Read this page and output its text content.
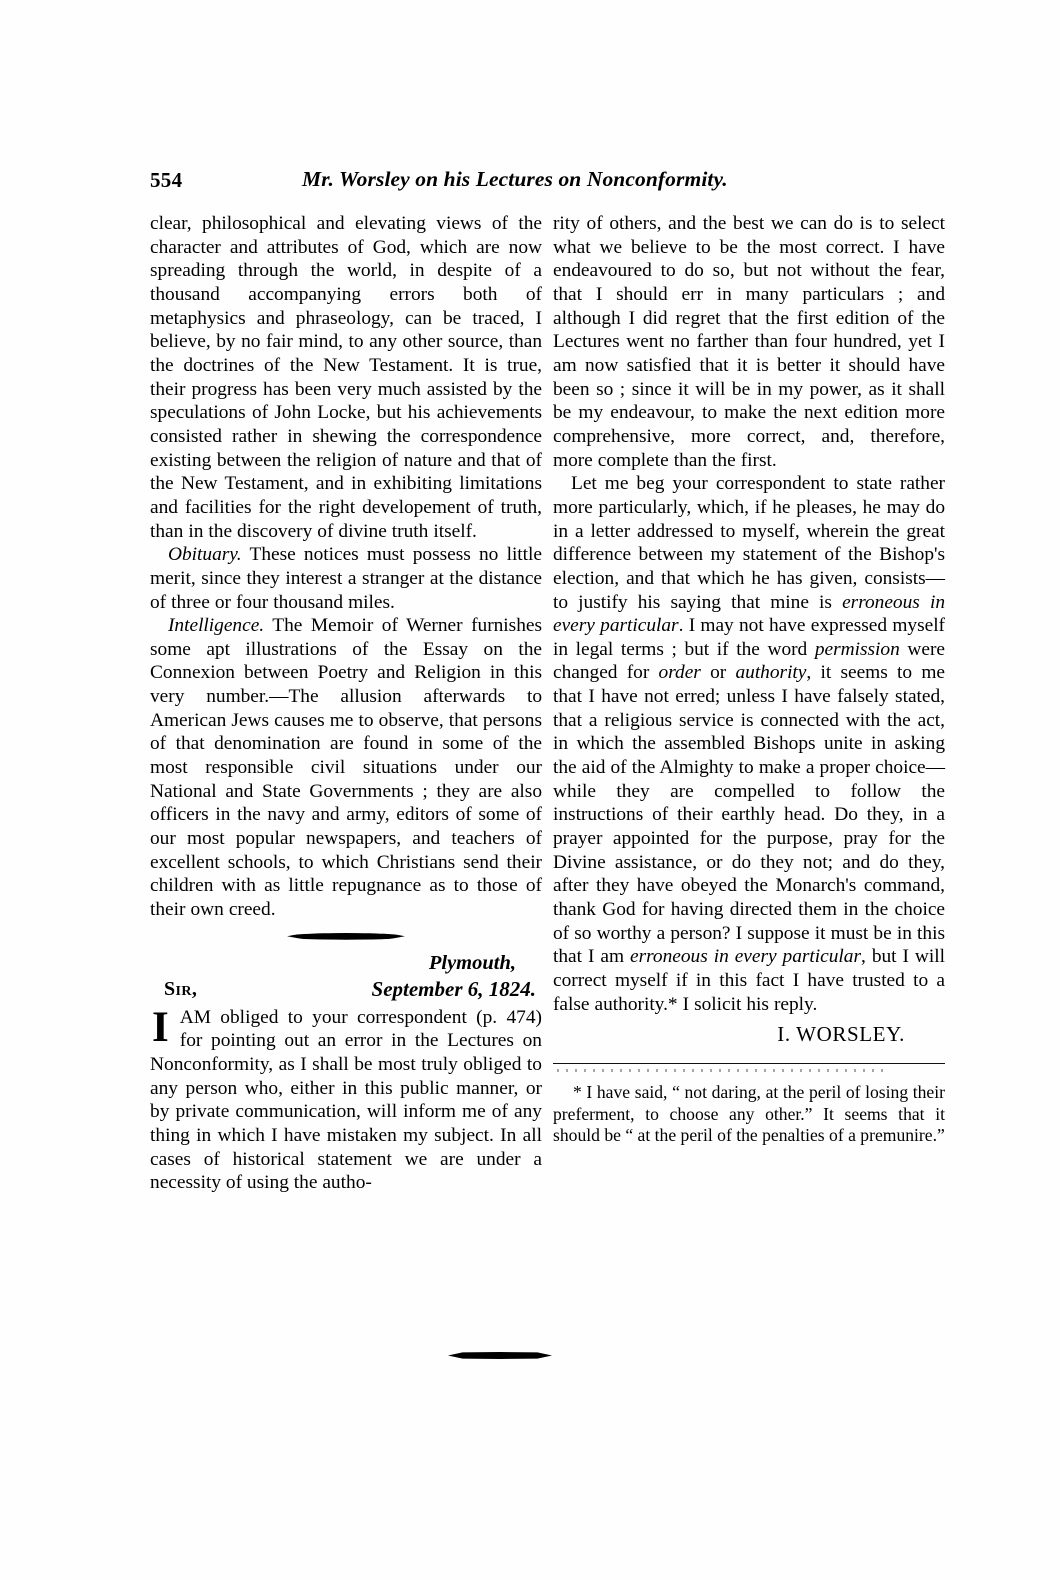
554	Mr. Worsley on his Lectures on Nonconformity.

clear, philosophical and elevating views of the character and attributes of God, which are now spreading through the world, in despite of a thousand accompanying errors both of metaphysics and phraseology, can be traced, I believe, by no fair mind, to any other source, than the doctrines of the New Testament. It is true, their progress has been very much assisted by the speculations of John Locke, but his achievements consisted rather in shewing the correspondence existing between the religion of nature and that of the New Testament, and in exhibiting limitations and facilities for the right developement of truth, than in the discovery of divine truth itself.

Obituary. These notices must possess no little merit, since they interest a stranger at the distance of three or four thousand miles.

Intelligence. The Memoir of Werner furnishes some apt illustrations of the Essay on the Connexion between Poetry and Religion in this very number.—The allusion afterwards to American Jews causes me to observe, that persons of that denomination are found in some of the most responsible civil situations under our National and State Governments ; they are also officers in the navy and army, editors of some of our most popular newspapers, and teachers of excellent schools, to which Christians send their children with as little repugnance as to those of their own creed.

Plymouth,
Sir,	September 6, 1824.

IAM obliged to your correspondent (p. 474) for pointing out an error in the Lectures on Nonconformity, as I shall be most truly obliged to any person who, either in this public manner, or by private communication, will inform me of any thing in which I have mistaken my subject. In all cases of historical statement we are under a necessity of using the autho-

rity of others, and the best we can do is to select what we believe to be the most correct. I have endeavoured to do so, but not without the fear, that I should err in many particulars ; and although I did regret that the first edition of the Lectures went no farther than four hundred, yet I am now satisfied that it is better it should have been so ; since it will be in my power, as it shall be my endeavour, to make the next edition more comprehensive, more correct, and, therefore, more complete than the first.

Let me beg your correspondent to state rather more particularly, which, if he pleases, he may do in a letter addressed to myself, wherein the great difference between my statement of the Bishop's election, and that which he has given, consists—to justify his saying that mine is erroneous in every particular. I may not have expressed myself in legal terms ; but if the word permission were changed for order or authority, it seems to me that I have not erred; unless I have falsely stated, that a religious service is connected with the act, in which the assembled Bishops unite in asking the aid of the Almighty to make a proper choice—while they are compelled to follow the instructions of their earthly head. Do they, in a prayer appointed for the purpose, pray for the Divine assistance, or do they not; and do they, after they have obeyed the Monarch's command, thank God for having directed them in the choice of so worthy a person? I suppose it must be in this that I am erroneous in every particular, but I will correct myself if in this fact I have trusted to a false authority.* I solicit his reply.

I. WORSLEY.

* I have said, “ not daring, at the peril of losing their preferment, to choose any other.” It seems that it should be “ at the peril of the penalties of a premunire.”
